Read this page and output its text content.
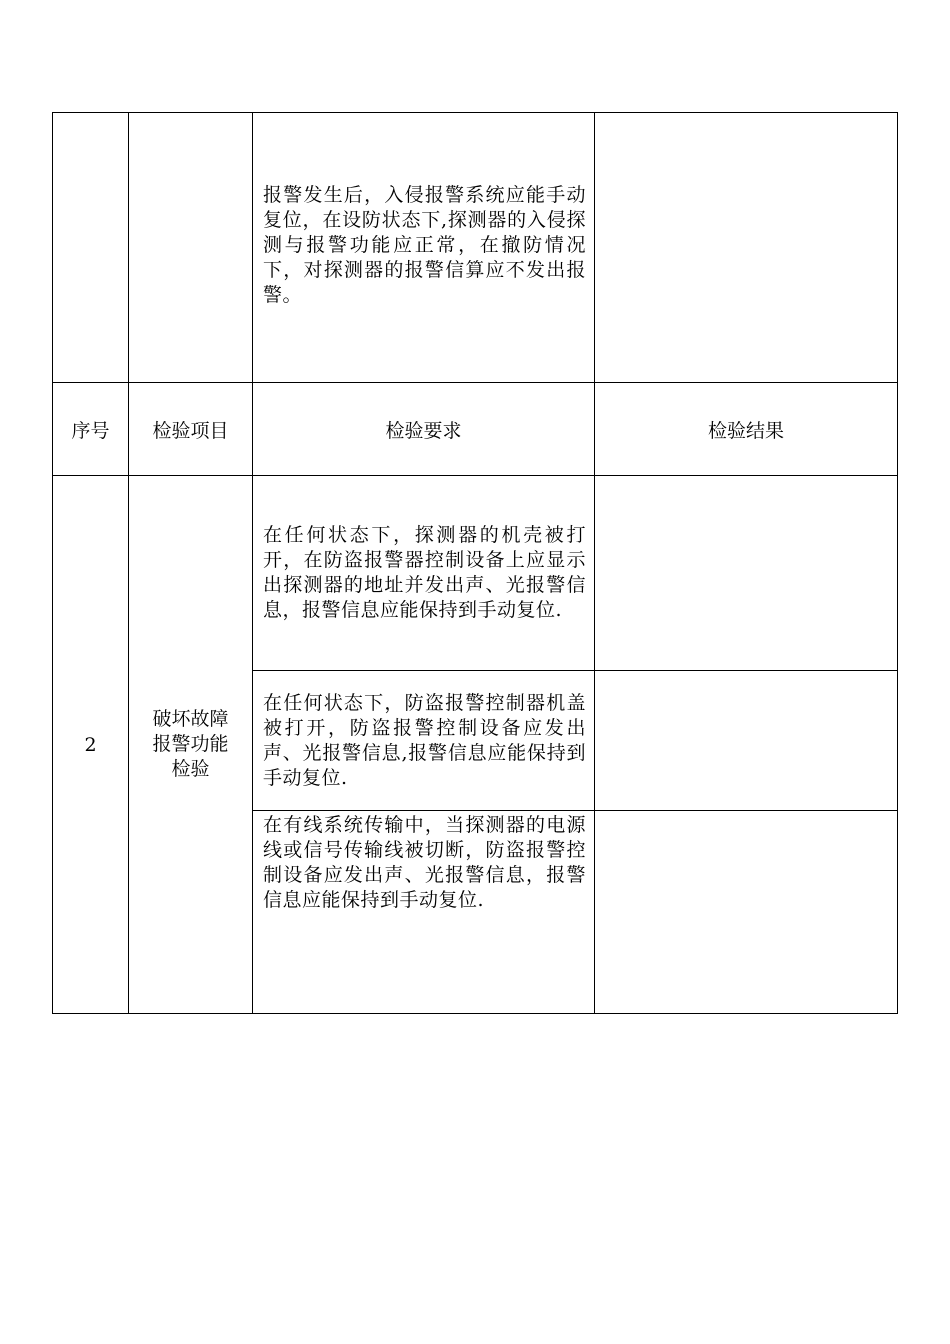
		报警发生后，入侵报警系统应能手动复位，在设防状态下,探测器的入侵探测与报警功能应正常，在撤防情况下，对探测器的报警信算应不发出报警。	

序号	检验项目	检验要求	检验结果
2	破坏故障
报警功能
检验	在任何状态下，探测器的机壳被打开，在防盗报警器控制设备上应显示出探测器的地址并发出声、光报警信息，报警信息应能保持到手动复位.	

		在任何状态下，防盗报警控制器机盖被打开，防盗报警控制设备应发出声、光报警信息,报警信息应能保持到手动复位.	

		在有线系统传输中，当探测器的电源线或信号传输线被切断，防盗报警控制设备应发出声、光报警信息，报警信息应能保持到手动复位.	
